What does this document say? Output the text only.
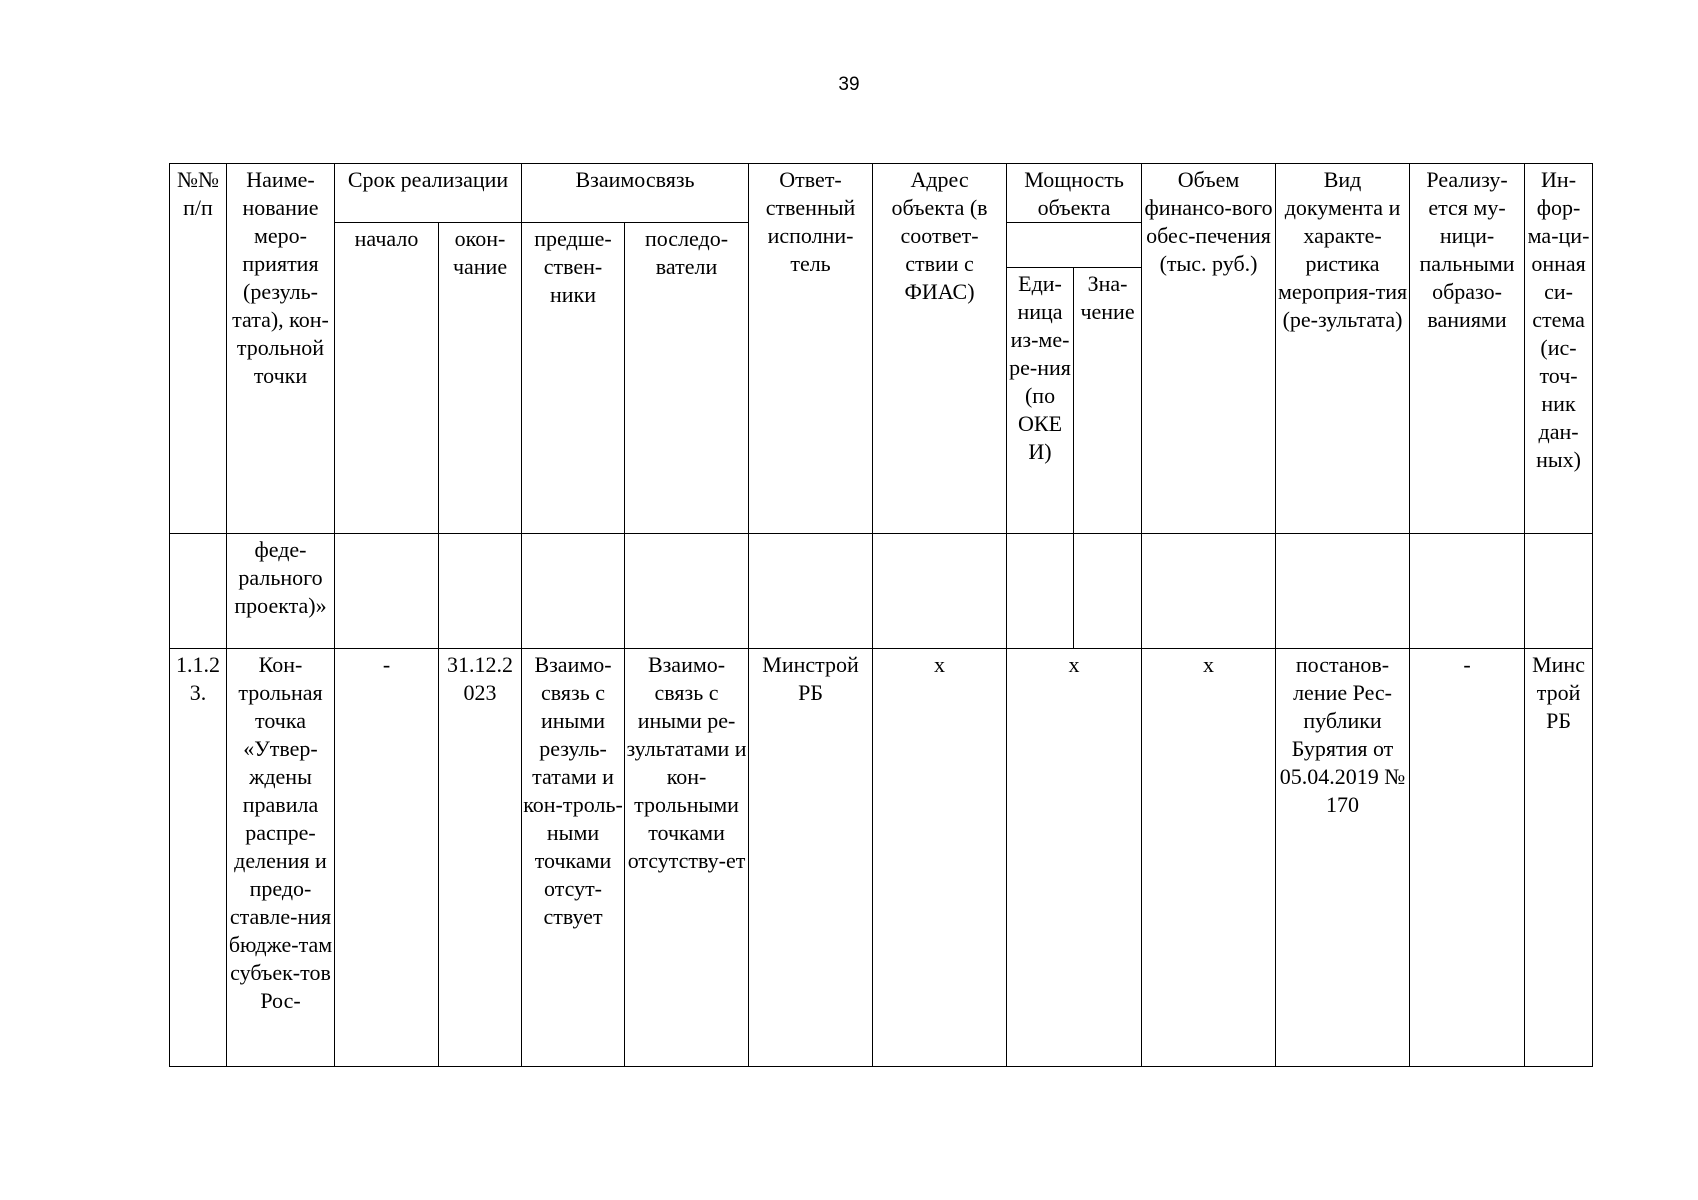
39
№№ п/п	Наиме-нование меро-приятия (резуль-тата), кон-трольной точки	Срок реализации		Взаимосвязь		Ответ-ственный исполни-тель	Адрес объекта (в соответ-ствии с ФИАС)	Мощность объекта		Объем финансо-вого обес-печения (тыс. руб.)	Вид документа и характе-ристика мероприя-тия (ре-зультата)	Реализу-ется му-ници-пальными образо-ваниями	Ин-фор-ма-ци-онная си-стема (ис-точ-ник дан-ных)

		начало	окон-чание	предше-ствен-ники	последо-ватели								

								Еди-ница из-ме-ре-ния (по ОКЕ И)	Зна-чение				

	феде-рального проекта)»												

1.1.2 3.	Кон-трольная точка «Утвер-ждены правила распре-деления и предо-ставле-ния бюдже-там субъек-тов Рос-	-	31.12.2 023	Взаимо-связь с иными резуль-татами и кон-троль-ными точками отсут-ствует	Взаимо-связь с иными ре-зультатами и кон-трольными точками отсутству-ет	Минстрой РБ	х	х		х	постанов-ление Рес-публики Бурятия от 05.04.2019 № 170	-	Минс трой РБ
